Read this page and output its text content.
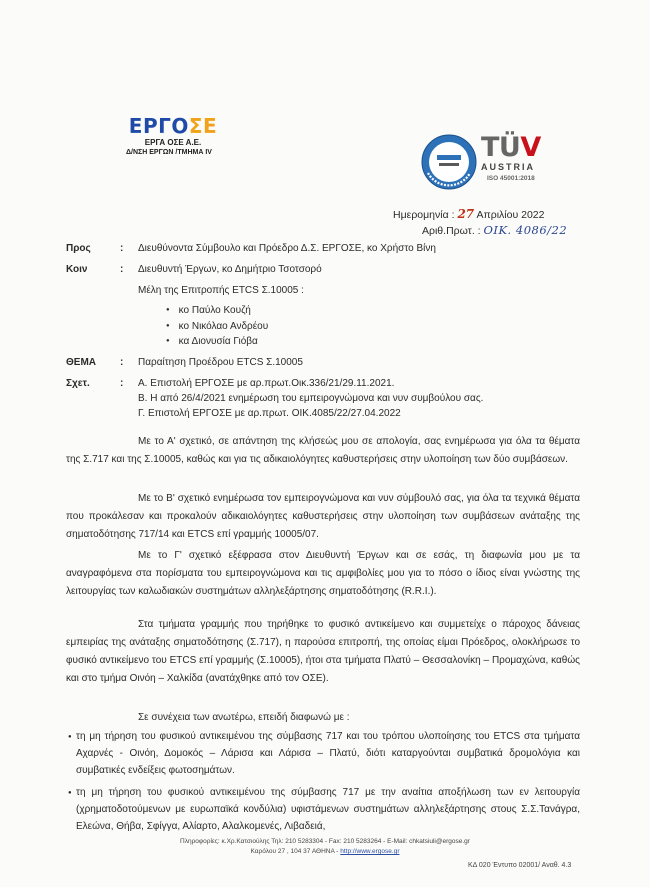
ΕΡΓΟΣΕ
ΕΡΓΑ ΟΣΕ Α.Ε.
Δ/ΝΣΗ ΕΡΓΩΝ /ΤΜΗΜΑ ΙV	TÜV
AUSTRIA
ISO 45001:2018
Ημερομηνία : 27 Απριλίου 2022
Αριθ.Πρωτ. : ΟΙΚ. 4086/22
Προς	: Διευθύνοντα Σύμβουλο και Πρόεδρο Δ.Σ. ΕΡΓΟΣΕ, κο Χρήστο Βίνη
Κοιν	: Διευθυντή Έργων, κο Δημήτριο Τσοτσορό
Μέλη της Επιτροπής ETCS Σ.10005 :
● κο Παύλο Κουζή
● κο Νικόλαο Ανδρέου
● κα Διονυσία Γιόβα
ΘΕΜΑ : Παραίτηση Προέδρου ETCS Σ.10005
Σχετ.	: Α. Επιστολή ΕΡΓΟΣΕ με αρ.πρωτ.Οικ.336/21/29.11.2021.
Β. Η από 26/4/2021 ενημέρωση του εμπειρογνώμονα και νυν συμβούλου σας.
Γ. Επιστολή ΕΡΓΟΣΕ με αρ.πρωτ. ΟΙΚ.4085/22/27.04.2022
Με το Α' σχετικό, σε απάντηση της κλήσεώς μου σε απολογία, σας ενημέρωσα για όλα τα θέματα της Σ.717 και της Σ.10005, καθώς και για τις αδικαιολόγητες καθυστερήσεις στην υλοποίηση των δύο συμβάσεων.
Με το Β' σχετικό ενημέρωσα τον εμπειρογνώμονα και νυν σύμβουλό σας, για όλα τα τεχνικά θέματα που προκάλεσαν και προκαλούν αδικαιολόγητες καθυστερήσεις στην υλοποίηση των συμβάσεων ανάταξης της σηματοδότησης 717/14 και ETCS επί γραμμής 10005/07.
Με το Γ' σχετικό εξέφρασα στον Διευθυντή Έργων και σε εσάς, τη διαφωνία μου με τα αναγραφόμενα στα πορίσματα του εμπειρογνώμονα και τις αμφιβολίες μου για το πόσο ο ίδιος είναι γνώστης της λειτουργίας των καλωδιακών συστημάτων αλληλεξάρτησης σηματοδότησης (R.R.I.).
Στα τμήματα γραμμής που τηρήθηκε το φυσικό αντικείμενο και συμμετείχε ο πάροχος δάνειας εμπειρίας της ανάταξης σηματοδότησης (Σ.717), η παρούσα επιτροπή, της οποίας είμαι Πρόεδρος, ολοκλήρωσε το φυσικό αντικείμενο του ETCS επί γραμμής (Σ.10005), ήτοι στα τμήματα Πλατύ – Θεσσαλονίκη – Προμαχώνα, καθώς και στο τμήμα Οινόη – Χαλκίδα (ανατάχθηκε από τον ΟΣΕ).
Σε συνέχεια των ανωτέρω, επειδή διαφωνώ με :
● τη μη τήρηση του φυσικού αντικειμένου της σύμβασης 717 και του τρόπου υλοποίησης του ETCS στα τμήματα Αχαρνές - Οινόη, Δομοκός – Λάρισα και Λάρισα – Πλατύ, διότι καταργούνται συμβατικά δρομολόγια και συμβατικές ενδείξεις φωτοσημάτων.
● τη μη τήρηση του φυσικού αντικειμένου της σύμβασης 717 με την αναίτια αποξήλωση των εν λειτουργία (χρηματοδοτούμενων με ευρωπαϊκά κονδύλια) υφιστάμενων συστημάτων αλληλεξάρτησης στους Σ.Σ.Τανάγρα, Ελεώνα, Θήβα, Σφίγγα, Αλίαρτο, Αλαλκομενές, Λιβαδειά,
Πληροφορίες: κ.Χρ.Κατσιούλης Τηλ: 210 5283304 - Fax: 210 5283264 - E-Mail: chkatsiuli@ergose.gr
Καρόλου 27 , 104 37 ΑΘΗΝΑ - http://www.ergose.gr
ΚΔ 020 Έντυπο 02001/ Αναθ. 4.3
